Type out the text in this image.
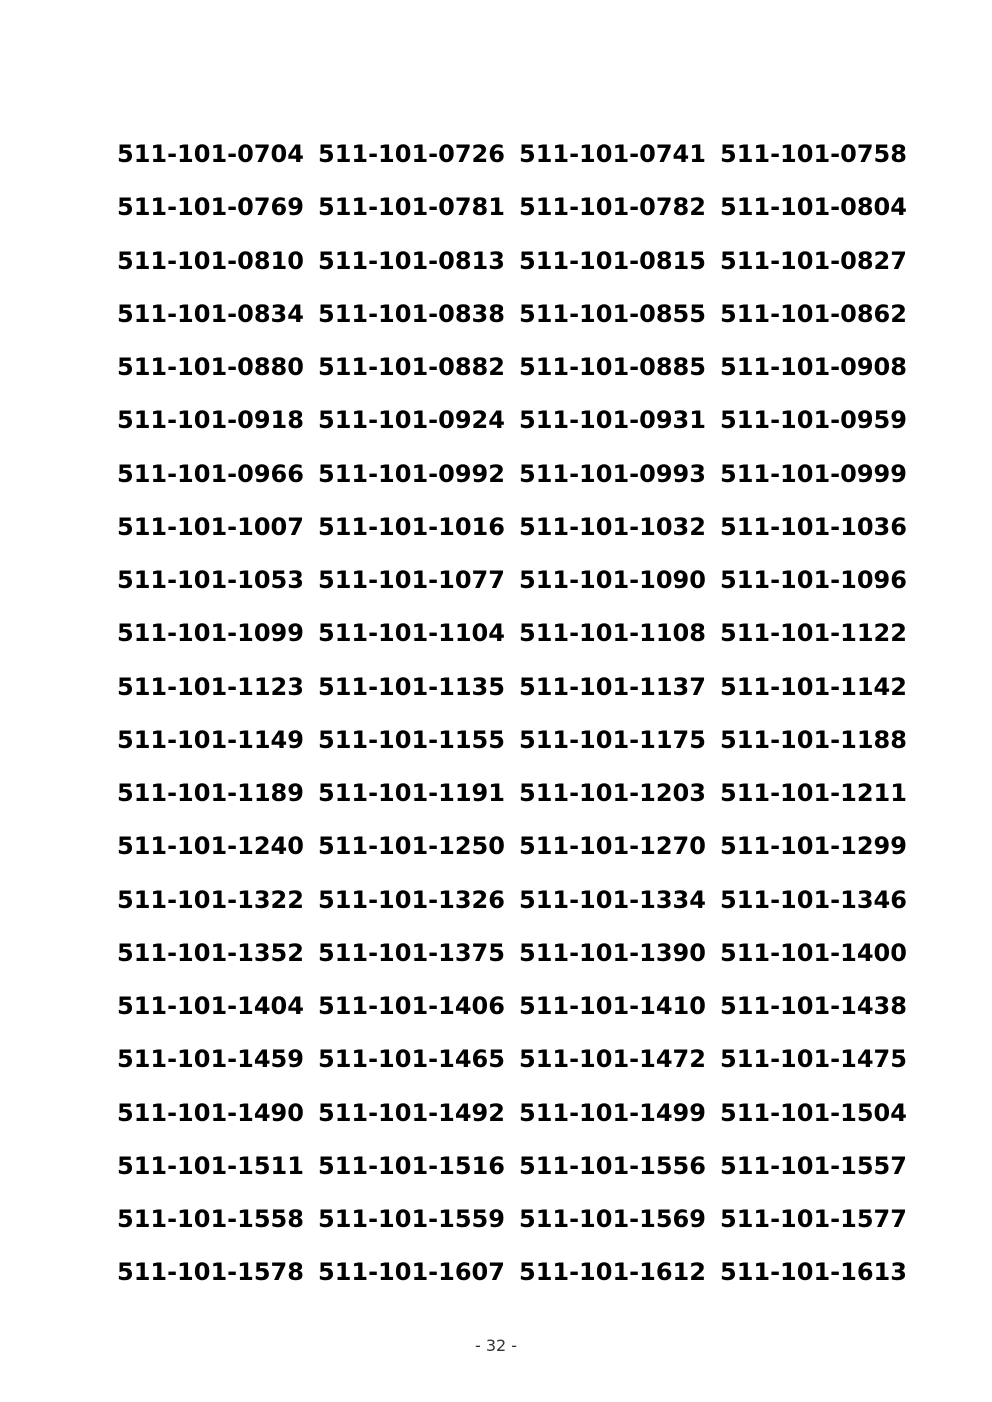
511-101-0704 511-101-0726 511-101-0741 511-101-0758
511-101-0769 511-101-0781 511-101-0782 511-101-0804
511-101-0810 511-101-0813 511-101-0815 511-101-0827
511-101-0834 511-101-0838 511-101-0855 511-101-0862
511-101-0880 511-101-0882 511-101-0885 511-101-0908
511-101-0918 511-101-0924 511-101-0931 511-101-0959
511-101-0966 511-101-0992 511-101-0993 511-101-0999
511-101-1007 511-101-1016 511-101-1032 511-101-1036
511-101-1053 511-101-1077 511-101-1090 511-101-1096
511-101-1099 511-101-1104 511-101-1108 511-101-1122
511-101-1123 511-101-1135 511-101-1137 511-101-1142
511-101-1149 511-101-1155 511-101-1175 511-101-1188
511-101-1189 511-101-1191 511-101-1203 511-101-1211
511-101-1240 511-101-1250 511-101-1270 511-101-1299
511-101-1322 511-101-1326 511-101-1334 511-101-1346
511-101-1352 511-101-1375 511-101-1390 511-101-1400
511-101-1404 511-101-1406 511-101-1410 511-101-1438
511-101-1459 511-101-1465 511-101-1472 511-101-1475
511-101-1490 511-101-1492 511-101-1499 511-101-1504
511-101-1511 511-101-1516 511-101-1556 511-101-1557
511-101-1558 511-101-1559 511-101-1569 511-101-1577
511-101-1578 511-101-1607 511-101-1612 511-101-1613
- 32 -
